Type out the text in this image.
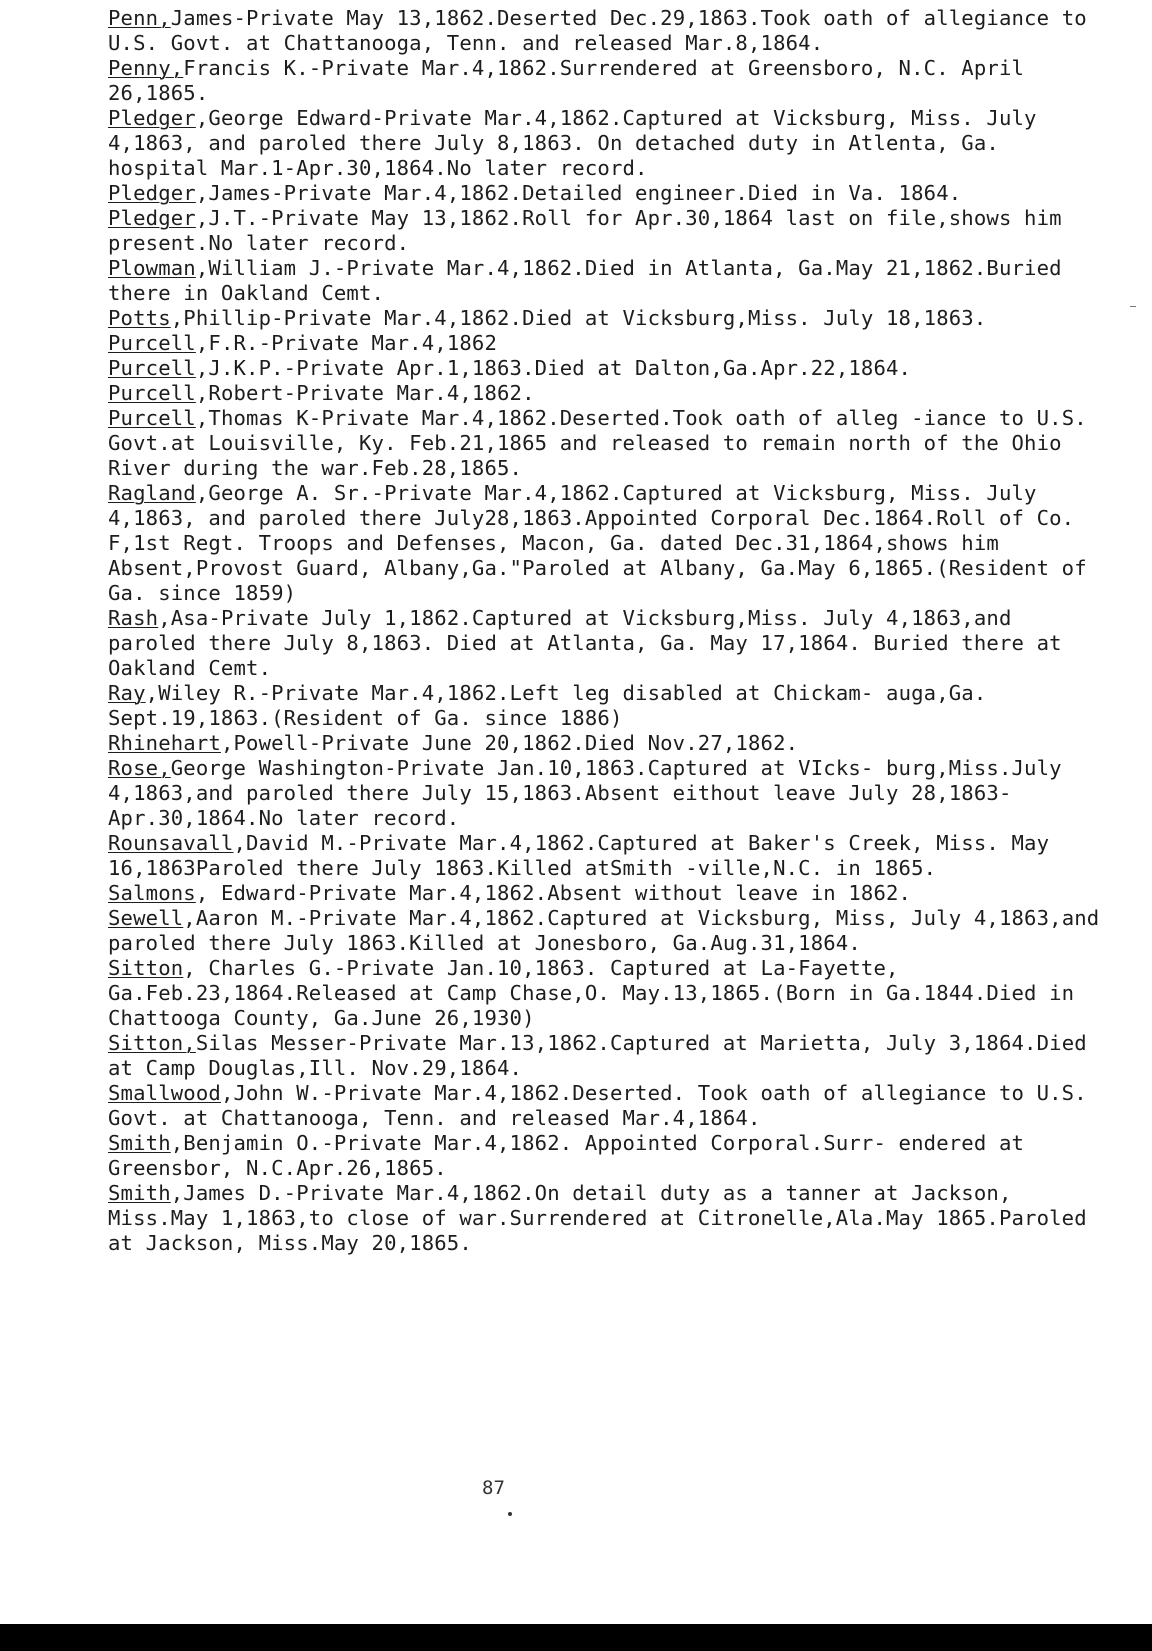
Penn,James-Private May 13,1862.Deserted Dec.29,1863.Took oath of allegiance to U.S. Govt. at Chattanooga, Tenn. and released Mar.8,1864.

Penny,Francis K.-Private Mar.4,1862.Surrendered at Greensboro, N.C. April 26,1865.

Pledger,George Edward-Private Mar.4,1862.Captured at Vicksburg, Miss. July 4,1863, and paroled there July 8,1863. On detached duty in Atlenta, Ga. hospital Mar.1-Apr.30,1864.No later record.

Pledger,James-Private Mar.4,1862.Detailed engineer.Died in Va. 1864.

Pledger,J.T.-Private May 13,1862.Roll for Apr.30,1864 last on file,shows him present.No later record.

Plowman,William J.-Private Mar.4,1862.Died in Atlanta, Ga.May 21,1862.Buried there in Oakland Cemt.

Potts,Phillip-Private Mar.4,1862.Died at Vicksburg,Miss. July 18,1863.

Purcell,F.R.-Private Mar.4,1862

Purcell,J.K.P.-Private Apr.1,1863.Died at Dalton,Ga.Apr.22,1864.

Purcell,Robert-Private Mar.4,1862.

Purcell,Thomas K-Private Mar.4,1862.Deserted.Took oath of alleg -iance to U.S. Govt.at Louisville, Ky. Feb.21,1865 and released to remain north of the Ohio River during the war.Feb.28,1865.

Ragland,George A. Sr.-Private Mar.4,1862.Captured at Vicksburg, Miss. July 4,1863, and paroled there July28,1863.Appointed Corporal Dec.1864.Roll of Co. F,1st Regt. Troops and Defenses, Macon, Ga. dated Dec.31,1864,shows him Absent,Provost Guard, Albany,Ga."Paroled at Albany, Ga.May 6,1865.(Resident of Ga. since 1859)

Rash,Asa-Private July 1,1862.Captured at Vicksburg,Miss. July 4,1863,and paroled there July 8,1863. Died at Atlanta, Ga. May 17,1864. Buried there at Oakland Cemt.

Ray,Wiley R.-Private Mar.4,1862.Left leg disabled at Chickam- auga,Ga. Sept.19,1863.(Resident of Ga. since 1886)

Rhinehart,Powell-Private June 20,1862.Died Nov.27,1862.

Rose,George Washington-Private Jan.10,1863.Captured at VIcks- burg,Miss.July 4,1863,and paroled there July 15,1863.Absent eithout leave July 28,1863-Apr.30,1864.No later record.

Rounsavall,David M.-Private Mar.4,1862.Captured at Baker's Creek, Miss. May 16,1863Paroled there July 1863.Killed atSmith -ville,N.C. in 1865.

Salmons, Edward-Private Mar.4,1862.Absent without leave in 1862.

Sewell,Aaron M.-Private Mar.4,1862.Captured at Vicksburg, Miss, July 4,1863,and paroled there July 1863.Killed at Jonesboro, Ga.Aug.31,1864.

Sitton, Charles G.-Private Jan.10,1863. Captured at La-Fayette, Ga.Feb.23,1864.Released at Camp Chase,O. May.13,1865.(Born in Ga.1844.Died in Chattooga County, Ga.June 26,1930)

Sitton,Silas Messer-Private Mar.13,1862.Captured at Marietta, July 3,1864.Died at Camp Douglas,Ill. Nov.29,1864.

Smallwood,John W.-Private Mar.4,1862.Deserted. Took oath of allegiance to U.S. Govt. at Chattanooga, Tenn. and released Mar.4,1864.

Smith,Benjamin O.-Private Mar.4,1862. Appointed Corporal.Surr- endered at Greensbor, N.C.Apr.26,1865.

Smith,James D.-Private Mar.4,1862.On detail duty as a tanner at Jackson, Miss.May 1,1863,to close of war.Surrendered at Citronelle,Ala.May 1865.Paroled at Jackson, Miss.May 20,1865.

87
